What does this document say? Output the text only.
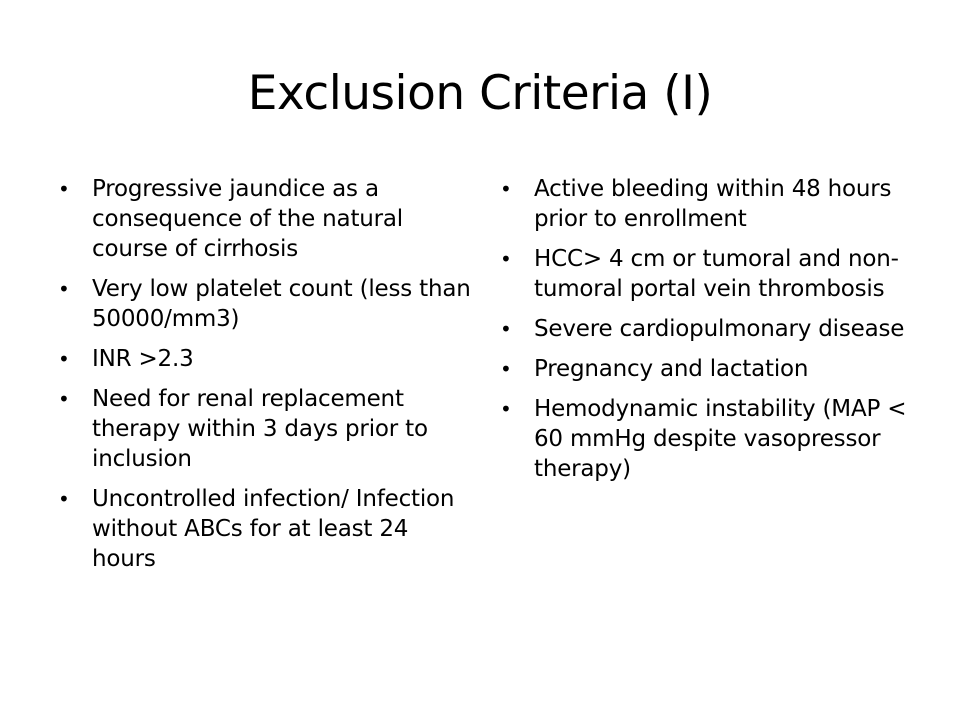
Exclusion Criteria (I)
• Progressive jaundice as a consequence of the natural course of cirrhosis
• Very low platelet count (less than 50000/mm3)
• INR >2.3
• Need for renal replacement therapy within 3 days prior to inclusion
• Uncontrolled infection/ Infection without ABCs for at least 24 hours
• Active bleeding within 48 hours prior to enrollment
• HCC> 4 cm or tumoral and non-tumoral portal vein thrombosis
• Severe cardiopulmonary disease
• Pregnancy and lactation
• Hemodynamic instability (MAP < 60 mmHg despite vasopressor therapy)
